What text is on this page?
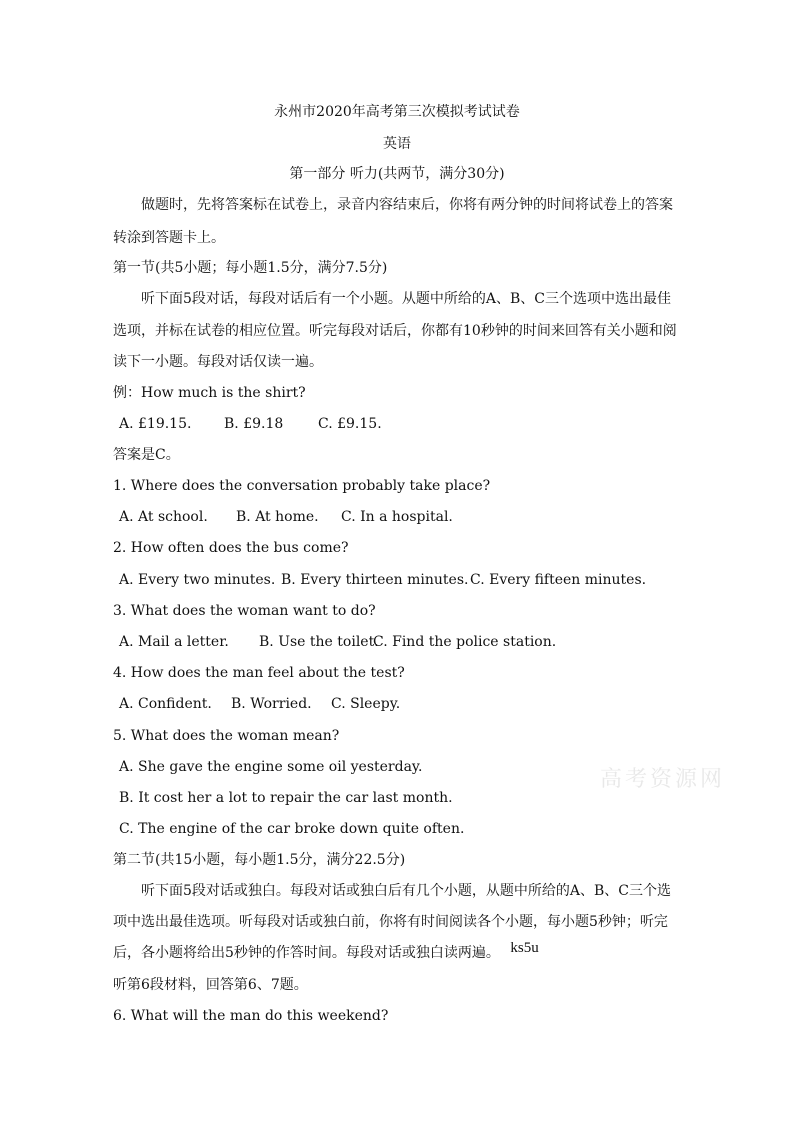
永州市2020年高考第三次模拟考试试卷
英语
第一部分 听力(共两节，满分30分)
做题时，先将答案标在试卷上，录音内容结束后，你将有两分钟的时间将试卷上的答案
转涂到答题卡上。
第一节(共5小题；每小题1.5分，满分7.5分)
听下面5段对话，每段对话后有一个小题。从题中所给的A、B、C三个选项中选出最佳
选项，并标在试卷的相应位置。听完每段对话后，你都有10秒钟的时间来回答有关小题和阅
读下一小题。每段对话仅读一遍。
例：How much is the shirt?
A. £19.15. B. £9.18 C. £9.15.
答案是C。
1. Where does the conversation probably take place?
A. At school. B. At home. C. In a hospital.
2. How often does the bus come?
A. Every two minutes. B. Every thirteen minutes. C. Every fifteen minutes.
3. What does the woman want to do?
A. Mail a letter. B. Use the toilet.C. Find the police station.
4. How does the man feel about the test?
A. Confident. B. Worried. C. Sleepy.
5. What does the woman mean?
A. She gave the engine some oil yesterday.
B. It cost her a lot to repair the car last month.
C. The engine of the car broke down quite often.
高考资源网
第二节(共15小题，每小题1.5分，满分22.5分)
听下面5段对话或独白。每段对话或独白后有几个小题，从题中所给的A、B、C三个选
项中选出最佳选项。听每段对话或独白前，你将有时间阅读各个小题，每小题5秒钟；听完
后，各小题将给出5秒钟的作答时间。每段对话或独白读两遍。 ks5u
听第6段材料，回答第6、7题。
6. What will the man do this weekend?
